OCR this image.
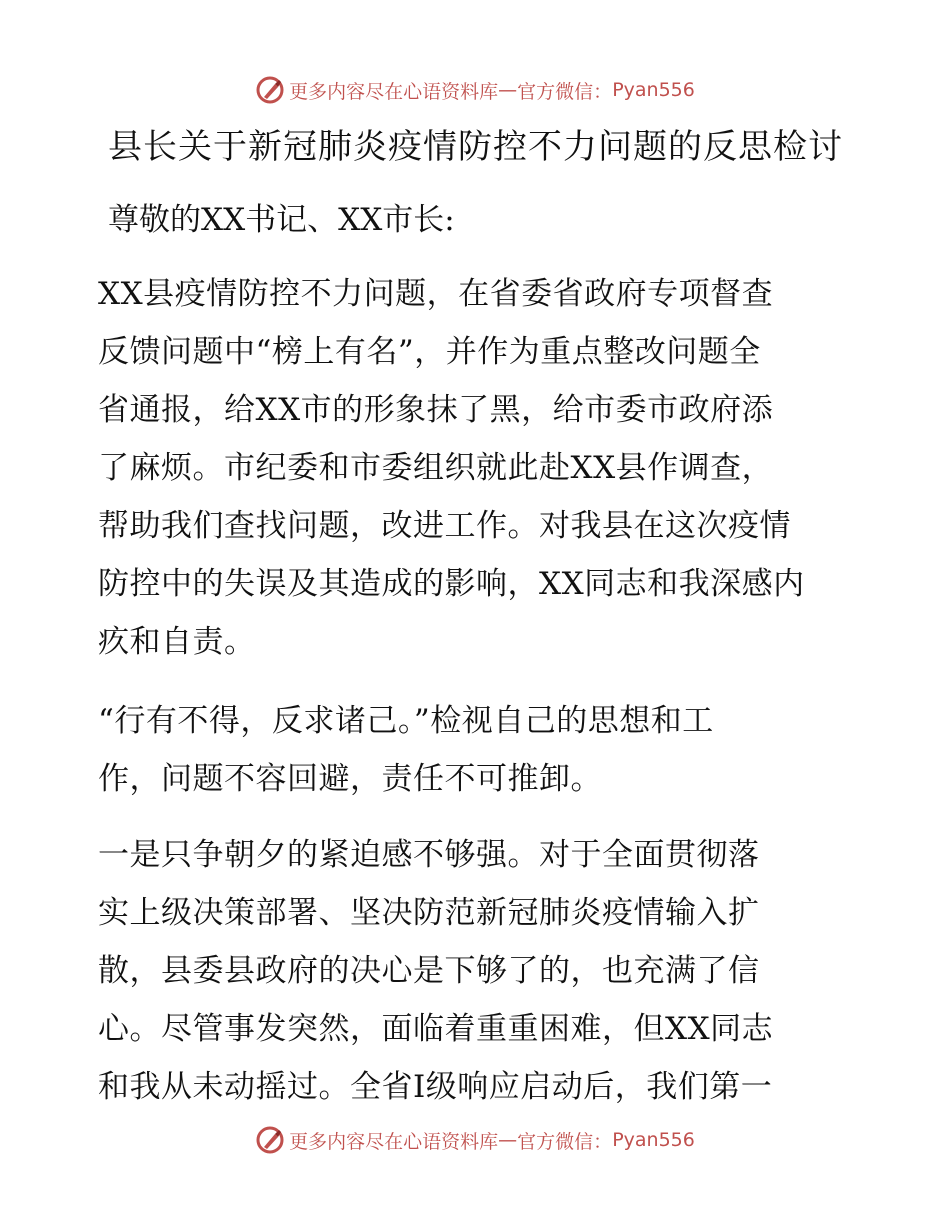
更多内容尽在心语资料库 — 官方微信： Pyan556
县长关于新冠肺炎疫情防控不力问题的反思检讨

尊敬的XX书记、XX市长:

XX县疫情防控不力问题，在省委省政府专项督查

反馈问题中“榜上有名”，并作为重点整改问题全

省通报，给XX市的形象抹了黑，给市委市政府添

了麻烦。市纪委和市委组织就此赴XX县作调查，

帮助我们查找问题，改进工作。对我县在这次疫情

防控中的失误及其造成的影响，XX同志和我深感内

疚和自责。

“行有不得，反求诸己。”检视自己的思想和工

作，问题不容回避，责任不可推卸。

一是只争朝夕的紧迫感不够强。对于全面贯彻落

实上级决策部署、坚决防范新冠肺炎疫情输入扩

散，县委县政府的决心是下够了的，也充满了信

心。尽管事发突然，面临着重重困难，但XX同志

和我从未动摇过。全省Ⅰ级响应启动后，我们第一

更多内容尽在心语资料库 — 官方微信： Pyan556
